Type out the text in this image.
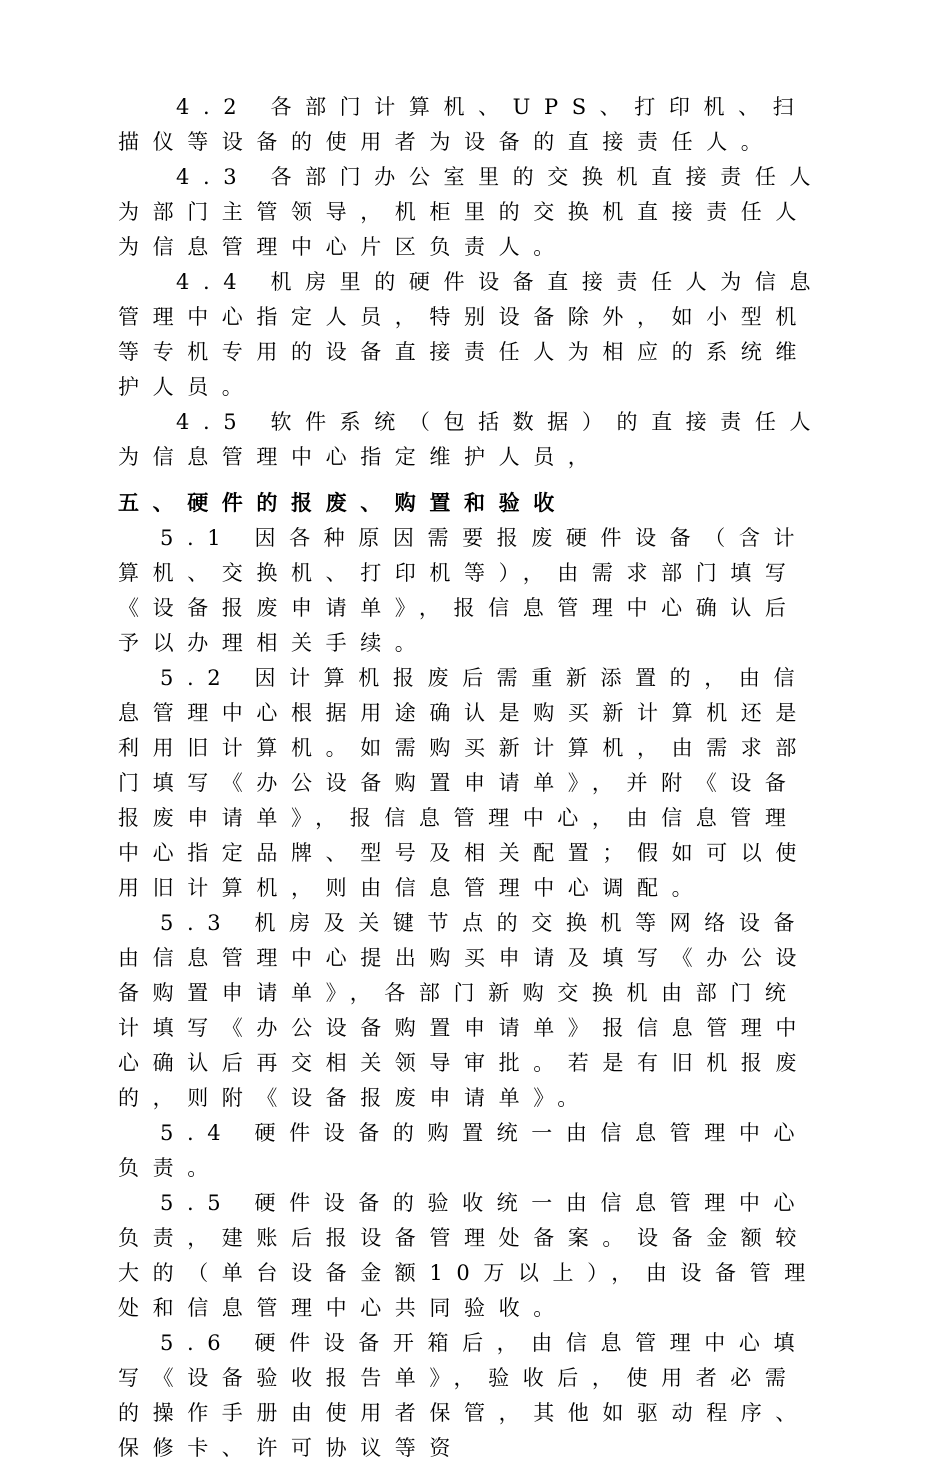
4.2 各部门计算机、UPS、打印机、扫描仪等设备的使用者为设备的直接责任人。

4.3 各部门办公室里的交换机直接责任人为部门主管领导，机柜里的交换机直接责任人为信息管理中心片区负责人。

4.4 机房里的硬件设备直接责任人为信息管理中心指定人员，特别设备除外，如小型机等专机专用的设备直接责任人为相应的系统维护人员。

4.5 软件系统（包括数据）的直接责任人为信息管理中心指定维护人员，

五、硬件的报废、购置和验收

5.1 因各种原因需要报废硬件设备（含计算机、交换机、打印机等），由需求部门填写《设备报废申请单》，报信息管理中心确认后予以办理相关手续。

5.2 因计算机报废后需重新添置的，由信息管理中心根据用途确认是购买新计算机还是利用旧计算机。如需购买新计算机，由需求部门填写《办公设备购置申请单》，并附《设备报废申请单》，报信息管理中心，由信息管理中心指定品牌、型号及相关配置；假如可以使用旧计算机，则由信息管理中心调配。

5.3 机房及关键节点的交换机等网络设备由信息管理中心提出购买申请及填写《办公设备购置申请单》，各部门新购交换机由部门统计填写《办公设备购置申请单》报信息管理中心确认后再交相关领导审批。若是有旧机报废的，则附《设备报废申请单》。

5.4 硬件设备的购置统一由信息管理中心负责。

5.5 硬件设备的验收统一由信息管理中心负责，建账后报设备管理处备案。设备金额较大的（单台设备金额10万以上），由设备管理处和信息管理中心共同验收。

5.6 硬件设备开箱后，由信息管理中心填写《设备验收报告单》，验收后，使用者必需的操作手册由使用者保管，其他如驱动程序、保修卡、许可协议等资
